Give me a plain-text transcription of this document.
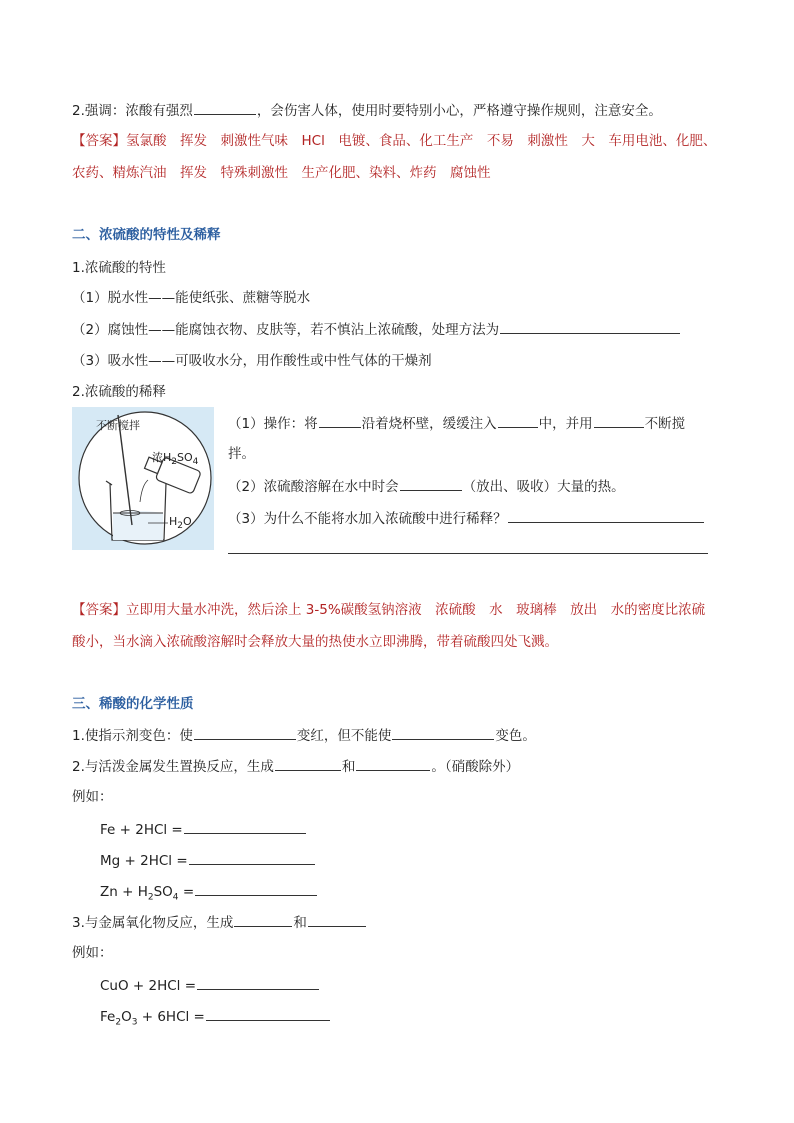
2.强调：浓酸有强烈	，会伤害人体，使用时要特别小心，严格遵守操作规则，注意安全。
【答案】氢氯酸　挥发　刺激性气味　HCl　电镀、食品、化工生产　不易　刺激性　大　车用电池、化肥、
农药、精炼汽油　挥发　特殊刺激性　生产化肥、染料、炸药　腐蚀性
二、浓硫酸的特性及稀释
1.浓硫酸的特性
（1）脱水性——能使纸张、蔗糖等脱水
（2）腐蚀性——能腐蚀衣物、皮肤等，若不慎沾上浓硫酸，处理方法为
（3）吸水性——可吸收水分，用作酸性或中性气体的干燥剂
2.浓硫酸的稀释
不断搅拌
浓$H_2SO_4$
$H_2O$
（1）操作：将	沿着烧杯壁，缓缓注入	中，并用	不断搅
拌。
（2）浓硫酸溶解在水中时会	（放出、吸收）大量的热。
（3）为什么不能将水加入浓硫酸中进行稀释？
【答案】立即用大量水冲洗，然后涂上 3-5%碳酸氢钠溶液　浓硫酸　水　玻璃棒　放出　水的密度比浓硫
酸小，当水滴入浓硫酸溶解时会释放大量的热使水立即沸腾，带着硫酸四处飞溅。
三、稀酸的化学性质
1.使指示剂变色：使	变红，但不能使	变色。
2.与活泼金属发生置换反应，生成	和	。（硝酸除外）
例如：
Fe + 2HCl =
Mg + 2HCl =
$Zn + H_2SO_4$ =
3.与金属氧化物反应，生成	和
例如：
CuO + 2HCl =
$Fe_2O_3 + 6HCl$ =
